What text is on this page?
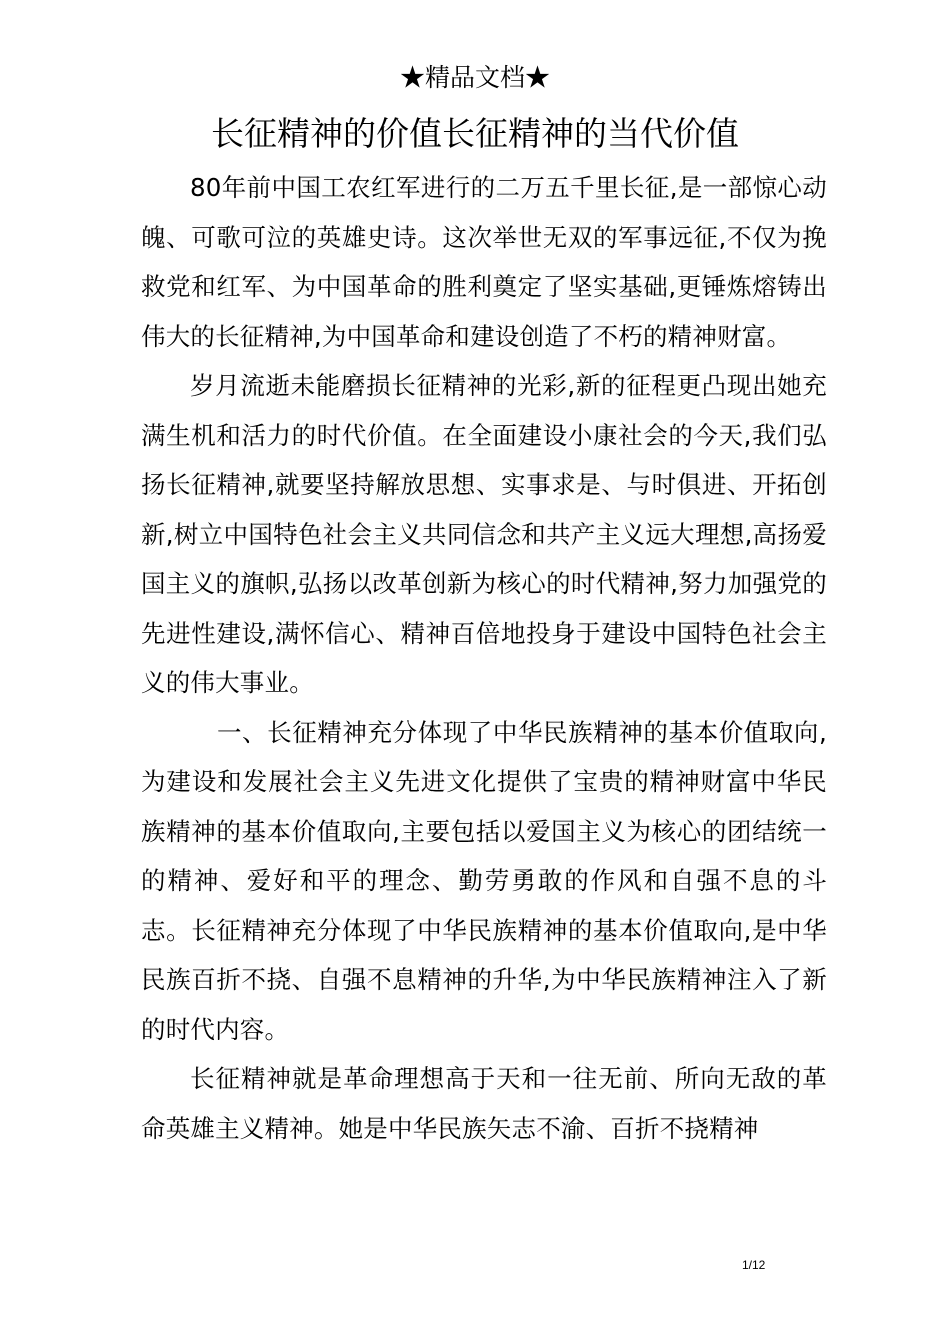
★精品文档★
长征精神的价值长征精神的当代价值

80年前中国工农红军进行的二万五千里长征,是一部惊心动魄、可歌可泣的英雄史诗。这次举世无双的军事远征,不仅为挽救党和红军、为中国革命的胜利奠定了坚实基础,更锤炼熔铸出伟大的长征精神,为中国革命和建设创造了不朽的精神财富。

岁月流逝未能磨损长征精神的光彩,新的征程更凸现出她充满生机和活力的时代价值。在全面建设小康社会的今天,我们弘扬长征精神,就要坚持解放思想、实事求是、与时俱进、开拓创新,树立中国特色社会主义共同信念和共产主义远大理想,高扬爱国主义的旗帜,弘扬以改革创新为核心的时代精神,努力加强党的先进性建设,满怀信心、精神百倍地投身于建设中国特色社会主义的伟大事业。

一、长征精神充分体现了中华民族精神的基本价值取向,为建设和发展社会主义先进文化提供了宝贵的精神财富中华民族精神的基本价值取向,主要包括以爱国主义为核心的团结统一的精神、爱好和平的理念、勤劳勇敢的作风和自强不息的斗志。长征精神充分体现了中华民族精神的基本价值取向,是中华民族百折不挠、自强不息精神的升华,为中华民族精神注入了新的时代内容。

长征精神就是革命理想高于天和一往无前、所向无敌的革命英雄主义精神。她是中华民族矢志不渝、百折不挠精神

1/12
